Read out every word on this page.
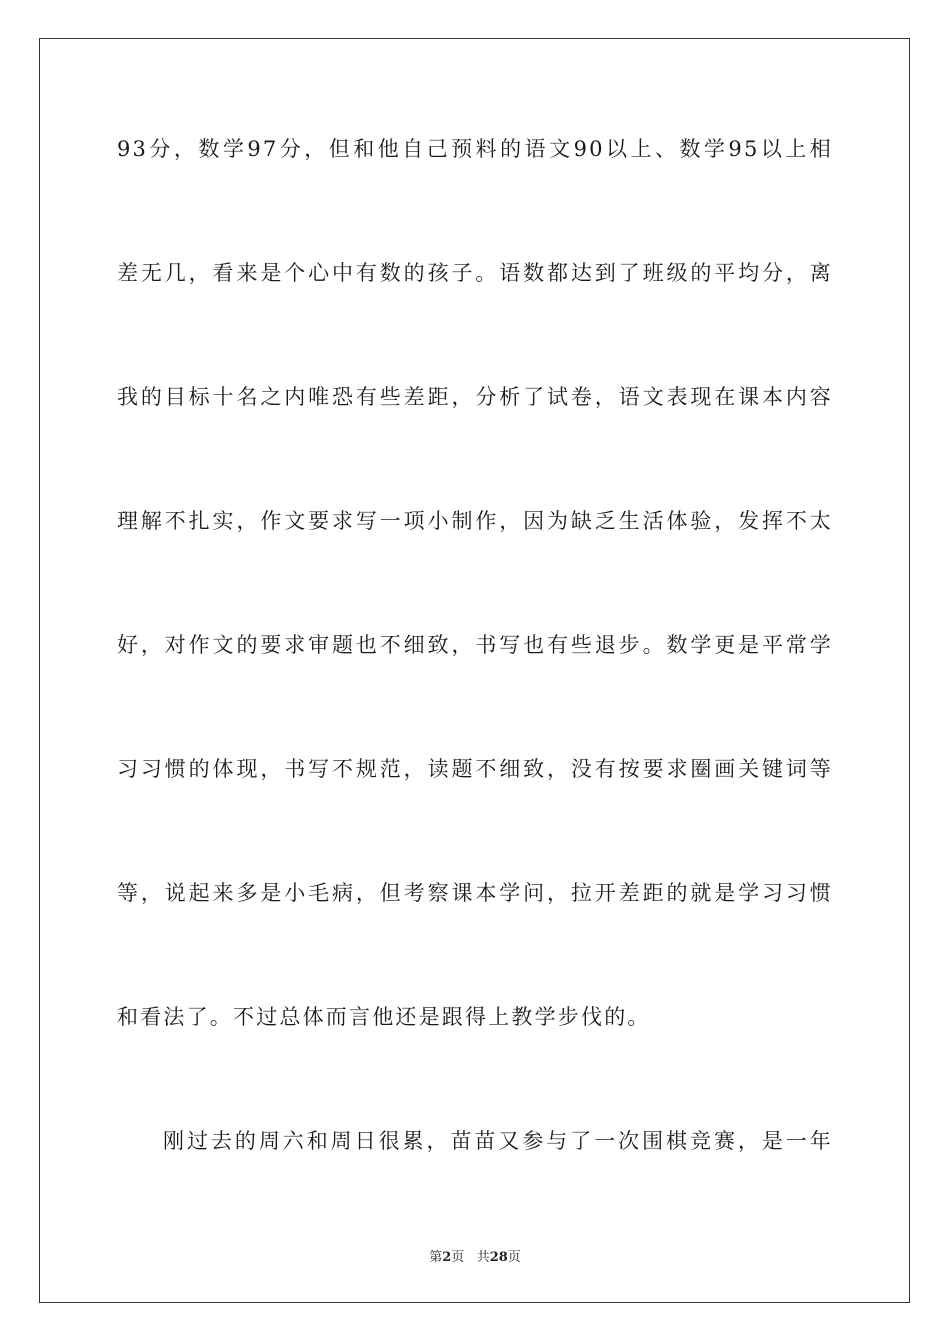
93分，数学97分，但和他自己预料的语文90以上、数学95以上相
差无几，看来是个心中有数的孩子。语数都达到了班级的平均分，离
我的目标十名之内唯恐有些差距，分析了试卷，语文表现在课本内容
理解不扎实，作文要求写一项小制作，因为缺乏生活体验，发挥不太
好，对作文的要求审题也不细致，书写也有些退步。数学更是平常学
习习惯的体现，书写不规范，读题不细致，没有按要求圈画关键词等
等，说起来多是小毛病，但考察课本学问，拉开差距的就是学习习惯
和看法了。不过总体而言他还是跟得上教学步伐的。
刚过去的周六和周日很累，苗苗又参与了一次围棋竞赛，是一年
第2页 共28页
